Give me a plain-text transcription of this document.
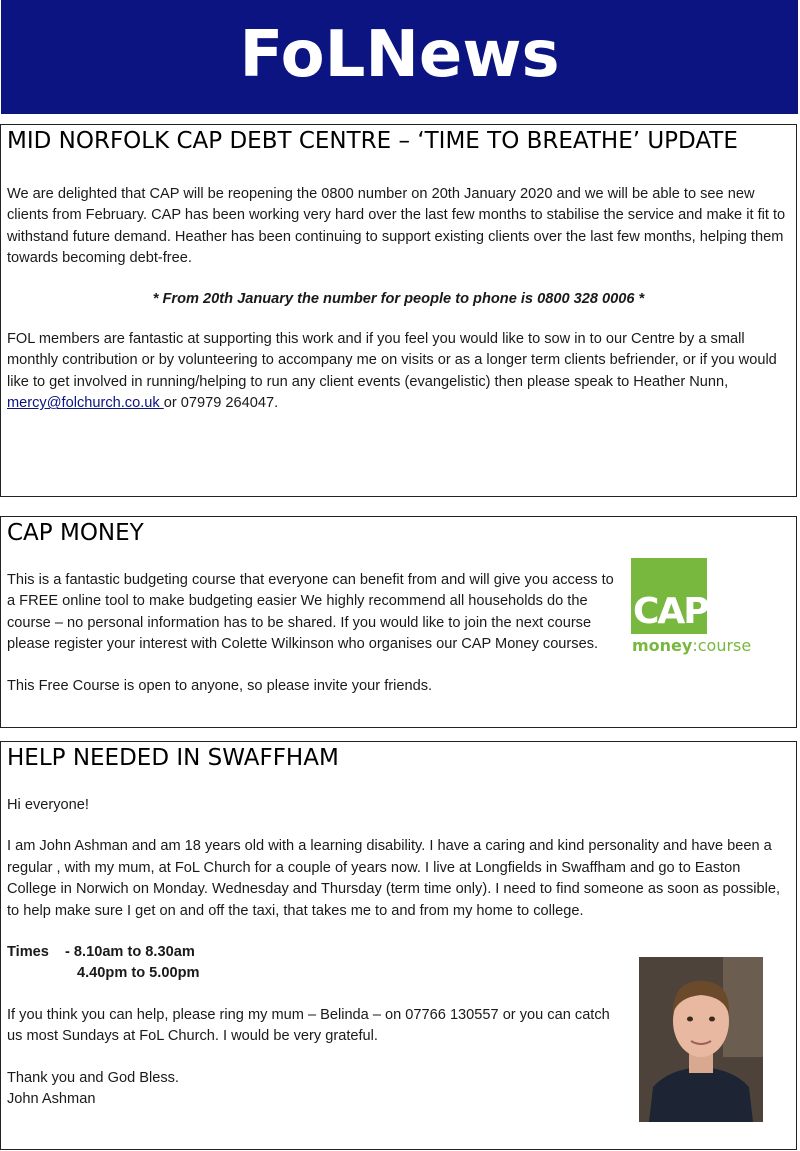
FoLNews
MID NORFOLK CAP DEBT CENTRE – ‘TIME TO BREATHE’ UPDATE

We are delighted that CAP will be reopening the 0800 number on 20th January 2020 and we will be able to see new clients from February. CAP has been working very hard over the last few months to stabilise the service and make it fit to withstand future demand. Heather has been continuing to support existing clients over the last few months, helping them towards becoming debt-free.

* From 20th January the number for people to phone is 0800 328 0006 *

FOL members are fantastic at supporting this work and if you feel you would like to sow in to our Centre by a small monthly contribution or by volunteering to accompany me on visits or as a longer term clients befriender, or if you would like to get involved in running/helping to run any client events (evangelistic) then please speak to Heather Nunn, mercy@folchurch.co.uk or 07979 264047.

CAP MONEY

This is a fantastic budgeting course that everyone can benefit from and will give you access to a FREE online tool to make budgeting easier We highly recommend all households do the course – no personal information has to be shared. If you would like to join the next course please register your interest with Colette Wilkinson who organises our CAP Money courses.

This Free Course is open to anyone, so please invite your friends.

CAP
money:course
HELP NEEDED IN SWAFFHAM

Hi everyone!

I am John Ashman and am 18 years old with a learning disability. I have a caring and kind personality and have been a regular , with my mum, at FoL Church for a couple of years now. I live at Longfields in Swaffham and go to Easton College in Norwich on Monday. Wednesday and Thursday (term time only). I need to find someone as soon as possible, to help make sure I get on and off the taxi, that takes me to and from my home to college.

Times - 8.10am to 8.30am
4.40pm to 5.00pm

If you think you can help, please ring my mum – Belinda – on 07766 130557 or you can catch us most Sundays at FoL Church. I would be very grateful.

Thank you and God Bless.
John Ashman
